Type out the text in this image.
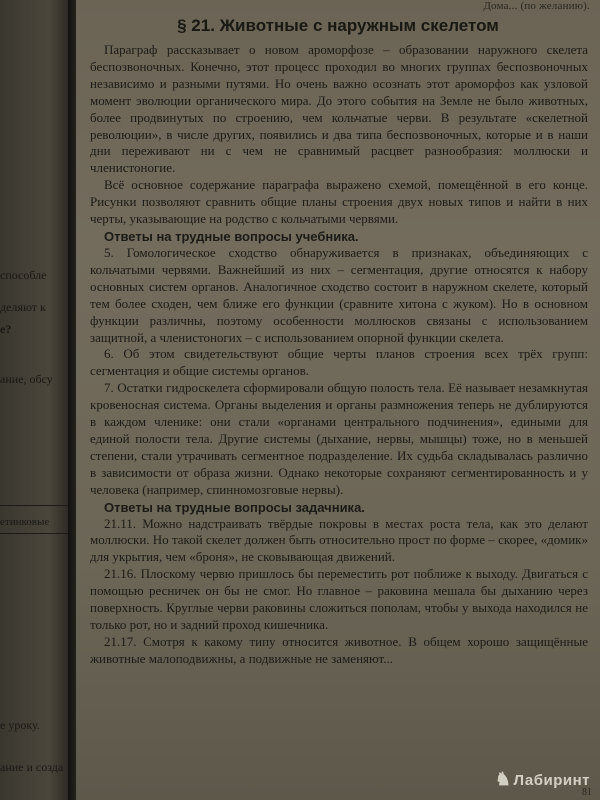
способле
деляют к
е?
ание, обсу
етинковые
е уроку.
ание и созда
Дома... (по желанию).
§ 21. Животные с наружным скелетом

Параграф рассказывает о новом ароморфозе – образовании наружного скелета беспозвоночных. Конечно, этот процесс проходил во многих группах беспозвоночных независимо и разными путями. Но очень важно осознать этот ароморфоз как узловой момент эволюции органического мира. До этого события на Земле не было животных, более продвинутых по строению, чем кольчатые черви. В результате «скелетной революции», в числе других, появились и два типа беспозвоночных, которые и в наши дни переживают ни с чем не сравнимый расцвет разнообразия: моллюски и членистоногие.

Всё основное содержание параграфа выражено схемой, помещённой в его конце. Рисунки позволяют сравнить общие планы строения двух новых типов и найти в них черты, указывающие на родство с кольчатыми червями.

Ответы на трудные вопросы учебника.

5. Гомологическое сходство обнаруживается в признаках, объединяющих с кольчатыми червями. Важнейший из них – сегментация, другие относятся к набору основных систем органов. Аналогичное сходство состоит в наружном скелете, который тем более сходен, чем ближе его функции (сравните хитона с жуком). Но в основном функции различны, поэтому особенности моллюсков связаны с использованием защитной, а членистоногих – с использованием опорной функции скелета.

6. Об этом свидетельствуют общие черты планов строения всех трёх групп: сегментация и общие системы органов.

7. Остатки гидроскелета сформировали общую полость тела. Её называет незамкнутая кровеносная система. Органы выделения и органы размножения теперь не дублируются в каждом членике: они стали «органами центрального подчинения», едиными для единой полости тела. Другие системы (дыхание, нервы, мышцы) тоже, но в меньшей степени, стали утрачивать сегментное подразделение. Их судьба складывалась различно в зависимости от образа жизни. Однако некоторые сохраняют сегментированность и у человека (например, спинномозговые нервы).

Ответы на трудные вопросы задачника.

21.11. Можно надстраивать твёрдые покровы в местах роста тела, как это делают моллюски. Но такой скелет должен быть относительно прост по форме – скорее, «домик» для укрытия, чем «броня», не сковывающая движений.

21.16. Плоскому червю пришлось бы переместить рот поближе к выходу. Двигаться с помощью ресничек он бы не смог. Но главное – раковина мешала бы дыханию через поверхность. Круглые черви раковины сложиться пополам, чтобы у выхода находился не только рот, но и задний проход кишечника.

21.17. Смотря к какому типу относится животное. В общем хорошо защищённые животные малоподвижны, а подвижные не заменяют...

♞ Лабиринт
81
